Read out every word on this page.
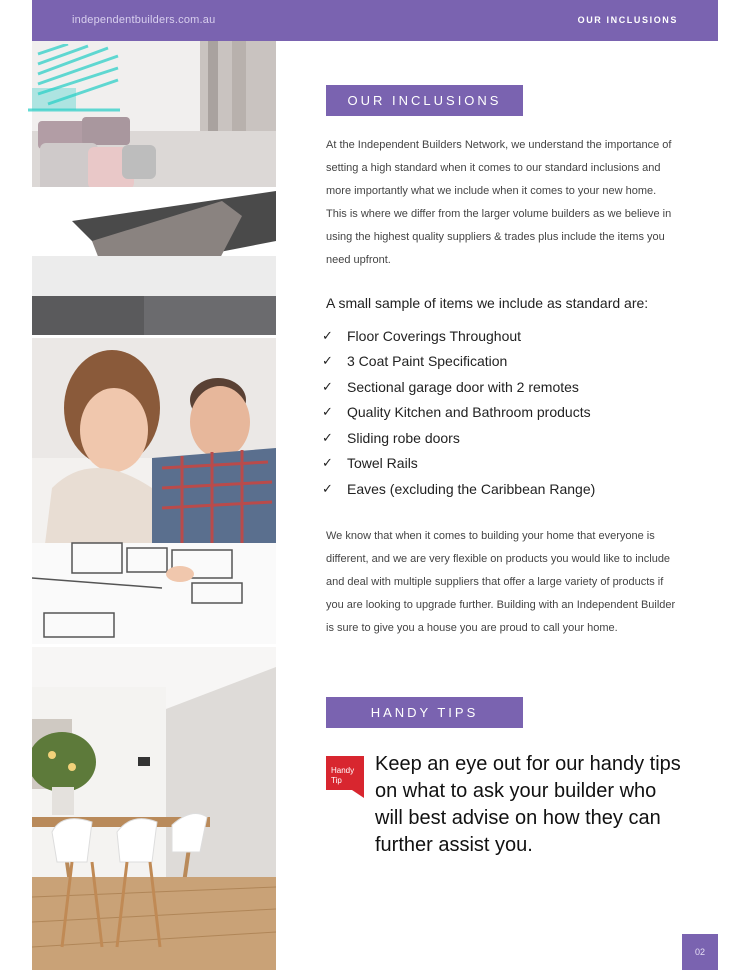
independentbuilders.com.au	OUR INCLUSIONS
OUR INCLUSIONS

At the Independent Builders Network, we understand the importance of setting a high standard when it comes to our standard inclusions and more importantly what we include when it comes to your new home. This is where we differ from the larger volume builders as we believe in using the highest quality suppliers & trades plus include the items you need upfront.

A small sample of items we include as standard are:
✓	Floor Coverings Throughout
✓	3 Coat Paint Specification
✓	Sectional garage door with 2 remotes
✓	Quality Kitchen and Bathroom products
✓	Sliding robe doors
✓	Towel Rails
✓	Eaves (excluding the Caribbean Range)

We know that when it comes to building your home that everyone is different, and we are very flexible on products you would like to include and deal with multiple suppliers that offer a large variety of products if you are looking to upgrade further. Building with an Independent Builder is sure to give you a house you are proud to call your home.

HANDY TIPS
Handy
Tip
Keep an eye out for our handy tips on what to ask your builder who will best advise on how they can further assist you.
02
